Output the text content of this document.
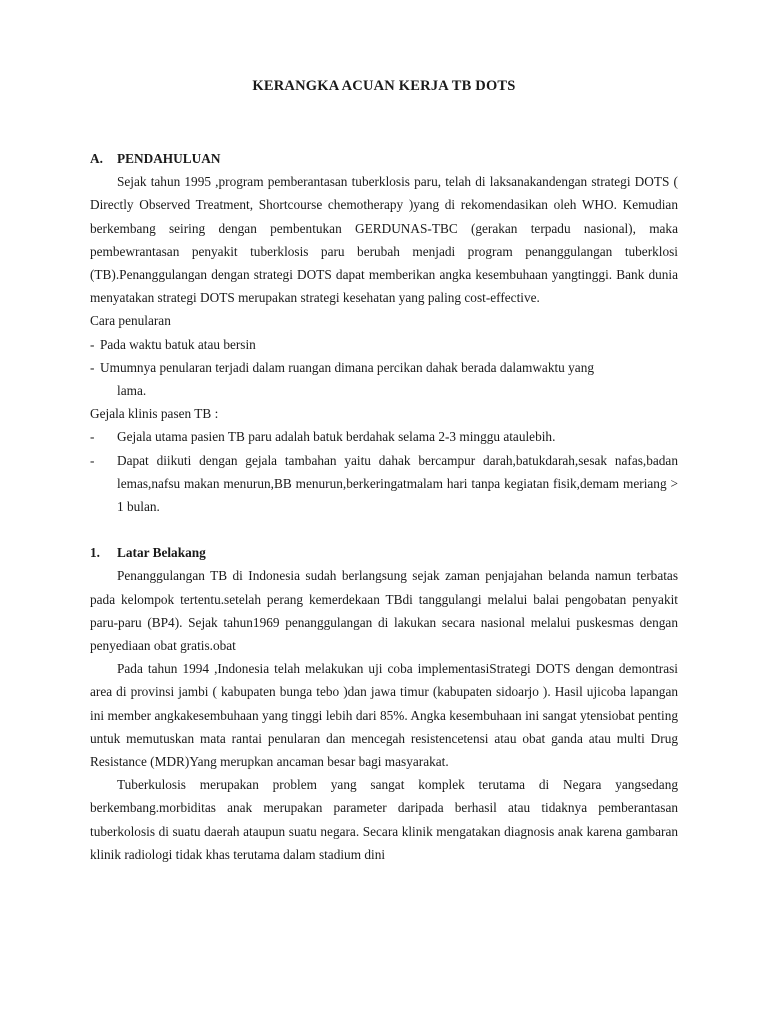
KERANGKA ACUAN KERJA TB DOTS
A.	PENDAHULUAN

Sejak tahun 1995 ,program pemberantasan tuberklosis paru, telah di laksanakandengan strategi DOTS ( Directly Observed Treatment, Shortcourse chemotherapy )yang di rekomendasikan oleh WHO. Kemudian berkembang seiring dengan pembentukan GERDUNAS-TBC (gerakan terpadu nasional), maka pembewrantasan penyakit tuberklosis paru berubah menjadi program penanggulangan tuberklosi (TB).Penanggulangan dengan strategi DOTS dapat memberikan angka kesembuhaan yangtinggi. Bank dunia menyatakan strategi DOTS merupakan strategi kesehatan yang paling cost-effective.

Cara penularan

- Pada waktu batuk atau bersin
- Umumnya penularan terjadi dalam ruangan dimana percikan dahak berada dalamwaktu yang

lama.

Gejala klinis pasen TB :

-	Gejala utama pasien TB paru adalah batuk berdahak selama 2-3 minggu ataulebih.
-	Dapat diikuti dengan gejala tambahan yaitu dahak bercampur darah,batukdarah,sesak nafas,badan lemas,nafsu makan menurun,BB menurun,berkeringatmalam hari tanpa kegiatan fisik,demam meriang > 1 bulan.
1.	Latar Belakang

Penanggulangan TB di Indonesia sudah berlangsung sejak zaman penjajahan belanda namun terbatas pada kelompok tertentu.setelah perang kemerdekaan TBdi tanggulangi melalui balai pengobatan penyakit paru-paru (BP4). Sejak tahun1969 penanggulangan di lakukan secara nasional melalui puskesmas dengan penyediaan obat gratis.obat

Pada tahun 1994 ,Indonesia telah melakukan uji coba implementasiStrategi DOTS dengan demontrasi area di provinsi jambi ( kabupaten bunga tebo )dan jawa timur (kabupaten sidoarjo ). Hasil ujicoba lapangan ini member angkakesembuhaan yang tinggi lebih dari 85%. Angka kesembuhaan ini sangat ytensiobat penting untuk memutuskan mata rantai penularan dan mencegah resistencetensi atau obat ganda atau multi Drug Resistance (MDR)Yang merupkan ancaman besar bagi masyarakat.

Tuberkulosis merupakan problem yang sangat komplek terutama di Negara yangsedang berkembang.morbiditas anak merupakan parameter daripada berhasil atau tidaknya pemberantasan tuberkolosis di suatu daerah ataupun suatu negara. Secara klinik mengatakan diagnosis anak karena gambaran klinik radiologi tidak khas terutama dalam stadium dini
